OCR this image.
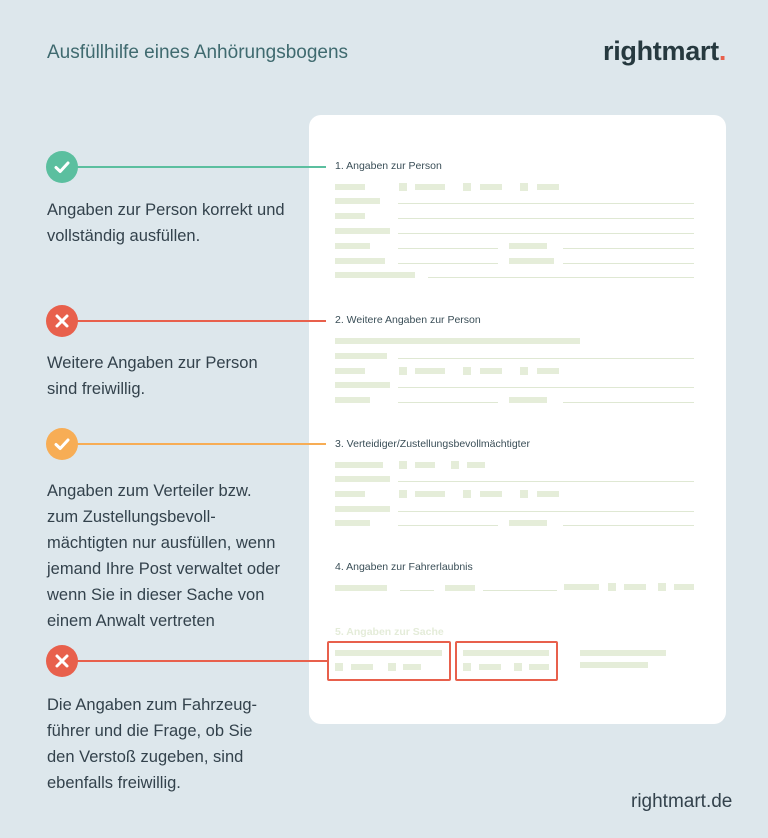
Ausfüllhilfe eines Anhörungsbogens	rightmart.
1. Angaben zur Person
2. Weitere Angaben zur Person
3. Verteidiger/Zustellungsbevollmächtigter
4. Angaben zur Fahrerlaubnis
5. Angaben zur Sache

Angaben zur Person korrekt und
vollständig ausfüllen.

Weitere Angaben zur Person
sind freiwillig.

Angaben zum Verteiler bzw.
zum Zustellungsbevoll-
mächtigten nur ausfüllen, wenn
jemand Ihre Post verwaltet oder
wenn Sie in dieser Sache von
einem Anwalt vertreten

Die Angaben zum Fahrzeug-
führer und die Frage, ob Sie
den Verstoß zugeben, sind
ebenfalls freiwillig.

rightmart.de
